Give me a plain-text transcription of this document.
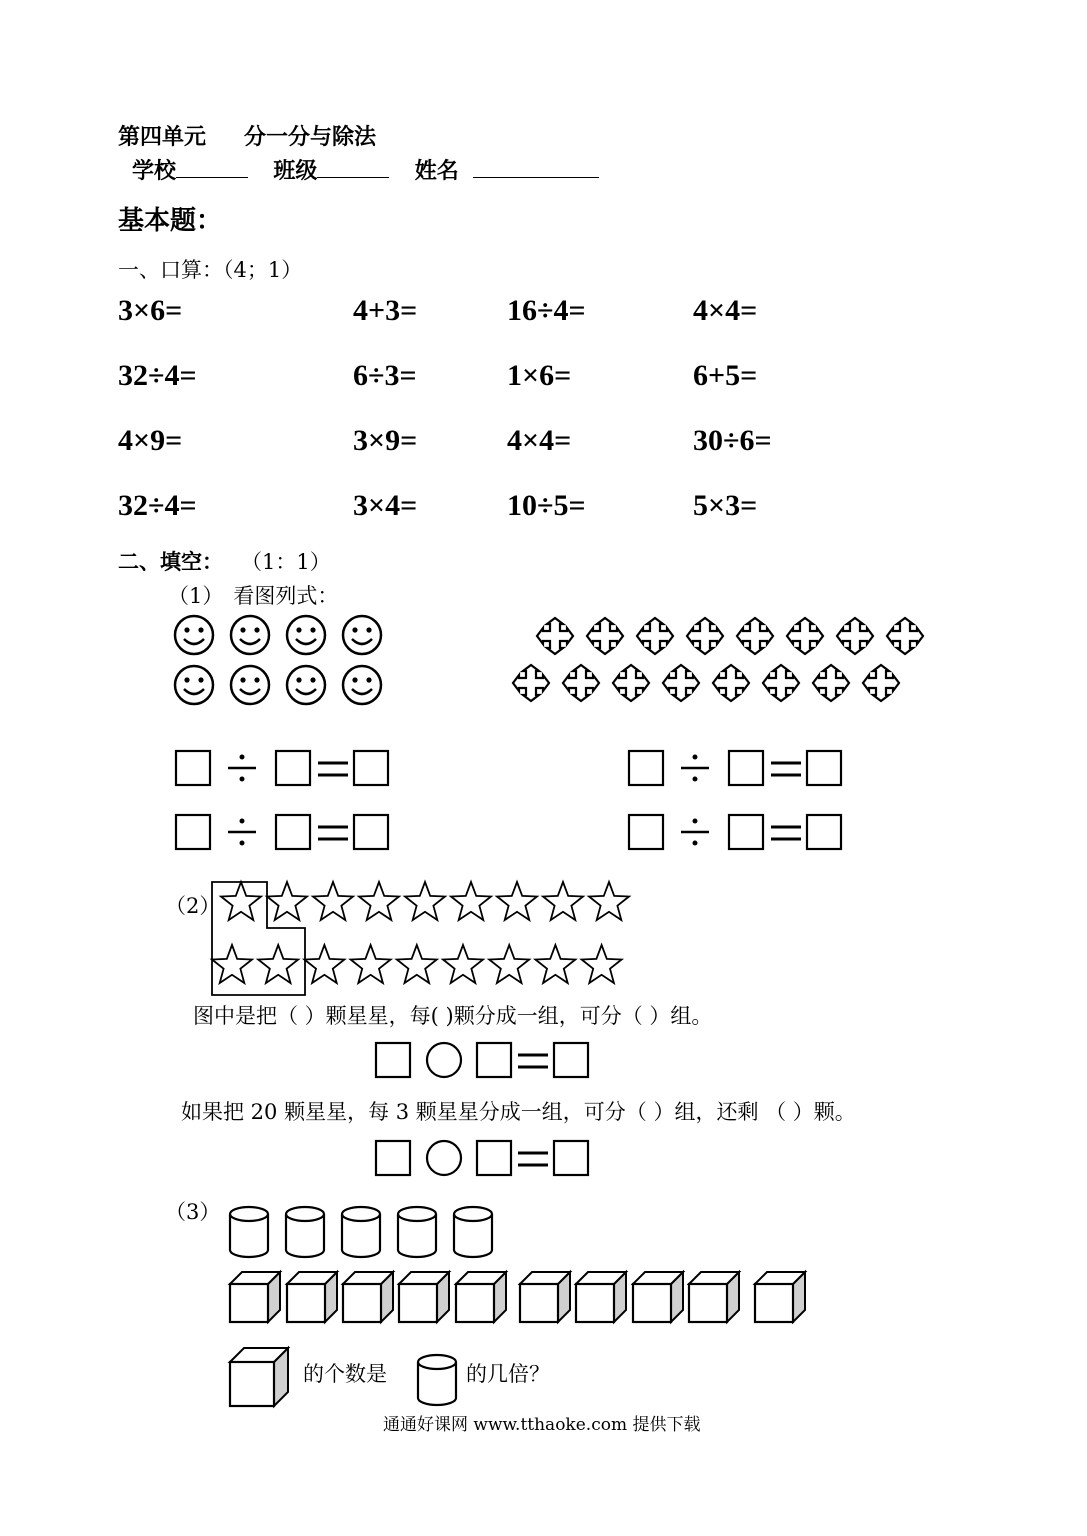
第四单元 分一分与除法
学校	班级	姓名
基本题：
一、口算：（4；1）
3×6=	4+3=	16÷4=	4×4=
32÷4=	6÷3=	1×6=	6+5=
4×9=	3×9=	4×4=	30÷6=
32÷4=	3×4=	10÷5=	5×3=
二、填空： （1：1）
（1） 看图列式：
（2）
图中是把（ ）颗星星，每( )颗分成一组，可分（ ）组。
如果把 20 颗星星，每 3 颗星星分成一组，可分（ ）组，还剩 （ ）颗。
（3）
的个数是	的几倍？
通通好课网 www.tthaoke.com 提供下载
